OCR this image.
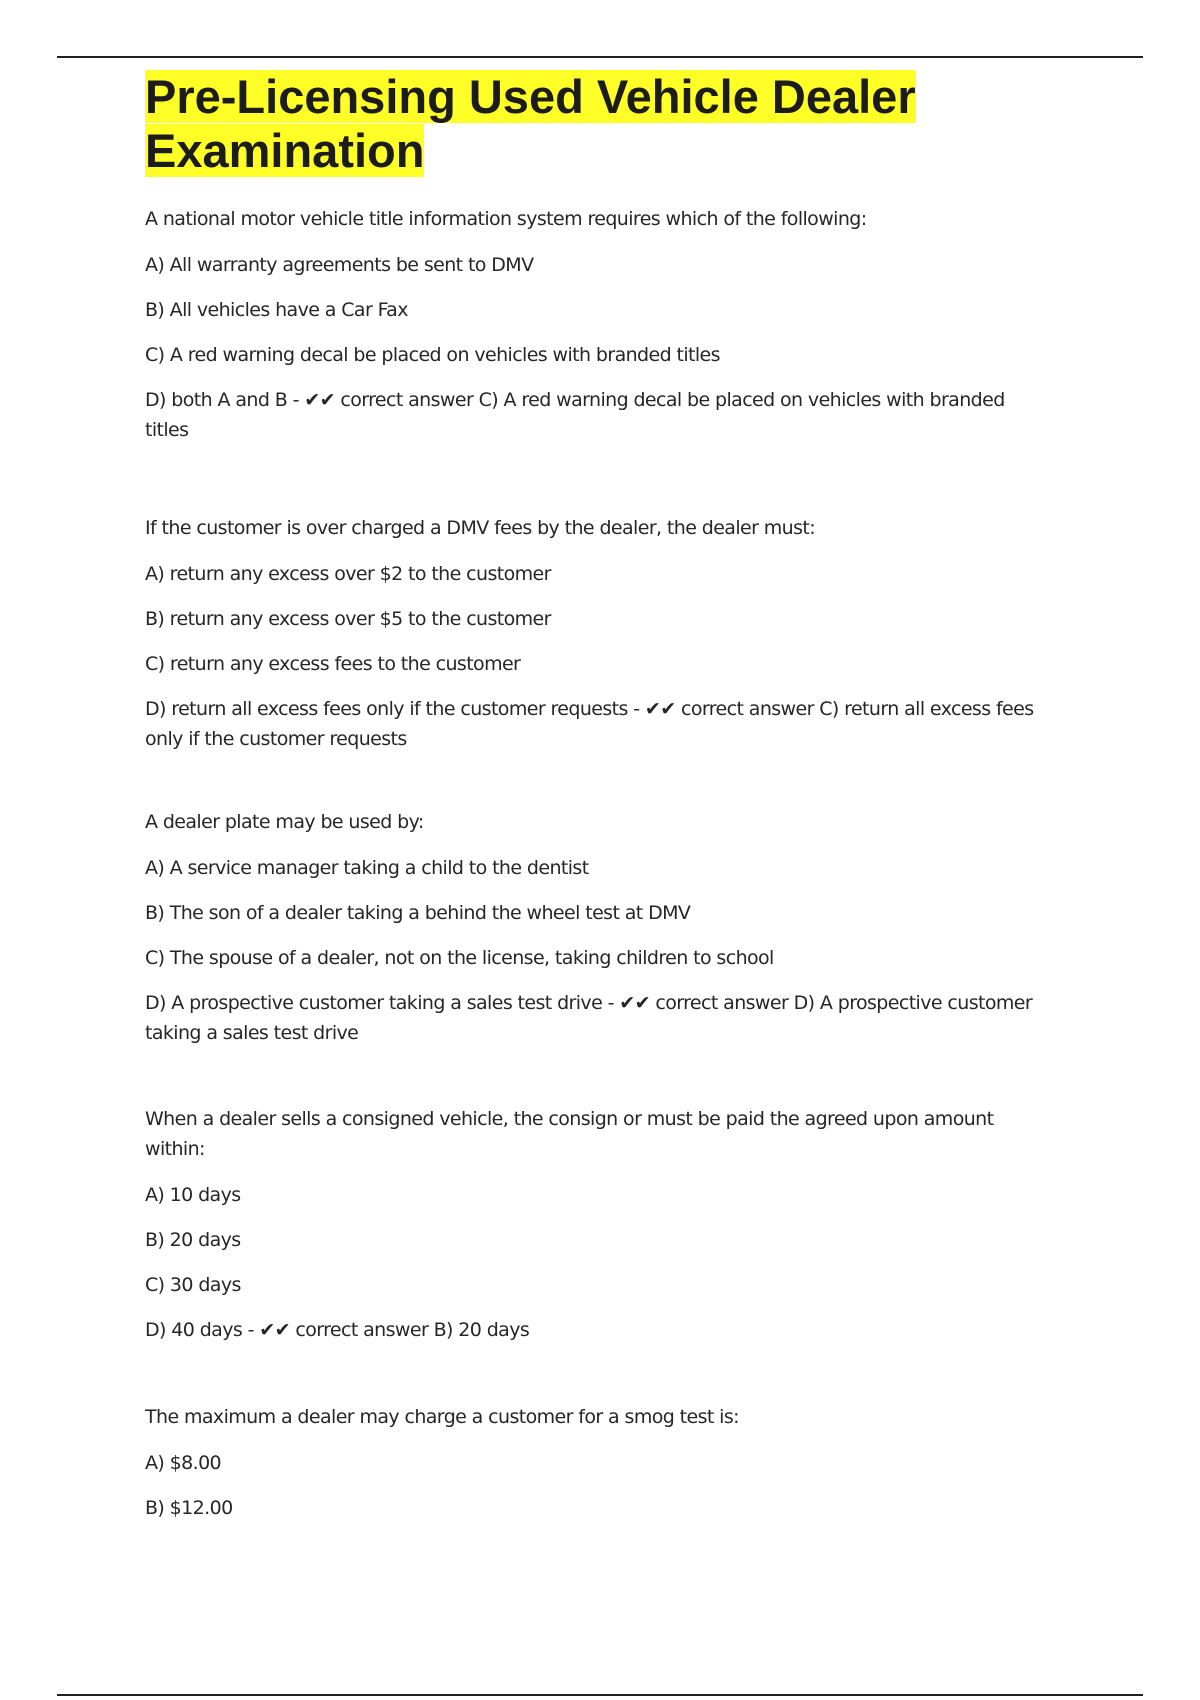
Pre-Licensing Used Vehicle Dealer Examination

A national motor vehicle title information system requires which of the following:

A) All warranty agreements be sent to DMV

B) All vehicles have a Car Fax

C) A red warning decal be placed on vehicles with branded titles

D) both A and B - ✔✔ correct answer C) A red warning decal be placed on vehicles with branded titles

If the customer is over charged a DMV fees by the dealer, the dealer must:

A) return any excess over $2 to the customer

B) return any excess over $5 to the customer

C) return any excess fees to the customer

D) return all excess fees only if the customer requests - ✔✔ correct answer C) return all excess fees only if the customer requests

A dealer plate may be used by:

A) A service manager taking a child to the dentist

B) The son of a dealer taking a behind the wheel test at DMV

C) The spouse of a dealer, not on the license, taking children to school

D) A prospective customer taking a sales test drive - ✔✔ correct answer D) A prospective customer taking a sales test drive

When a dealer sells a consigned vehicle, the consign or must be paid the agreed upon amount within:

A) 10 days

B) 20 days

C) 30 days

D) 40 days - ✔✔ correct answer B) 20 days

The maximum a dealer may charge a customer for a smog test is:

A) $8.00

B) $12.00
